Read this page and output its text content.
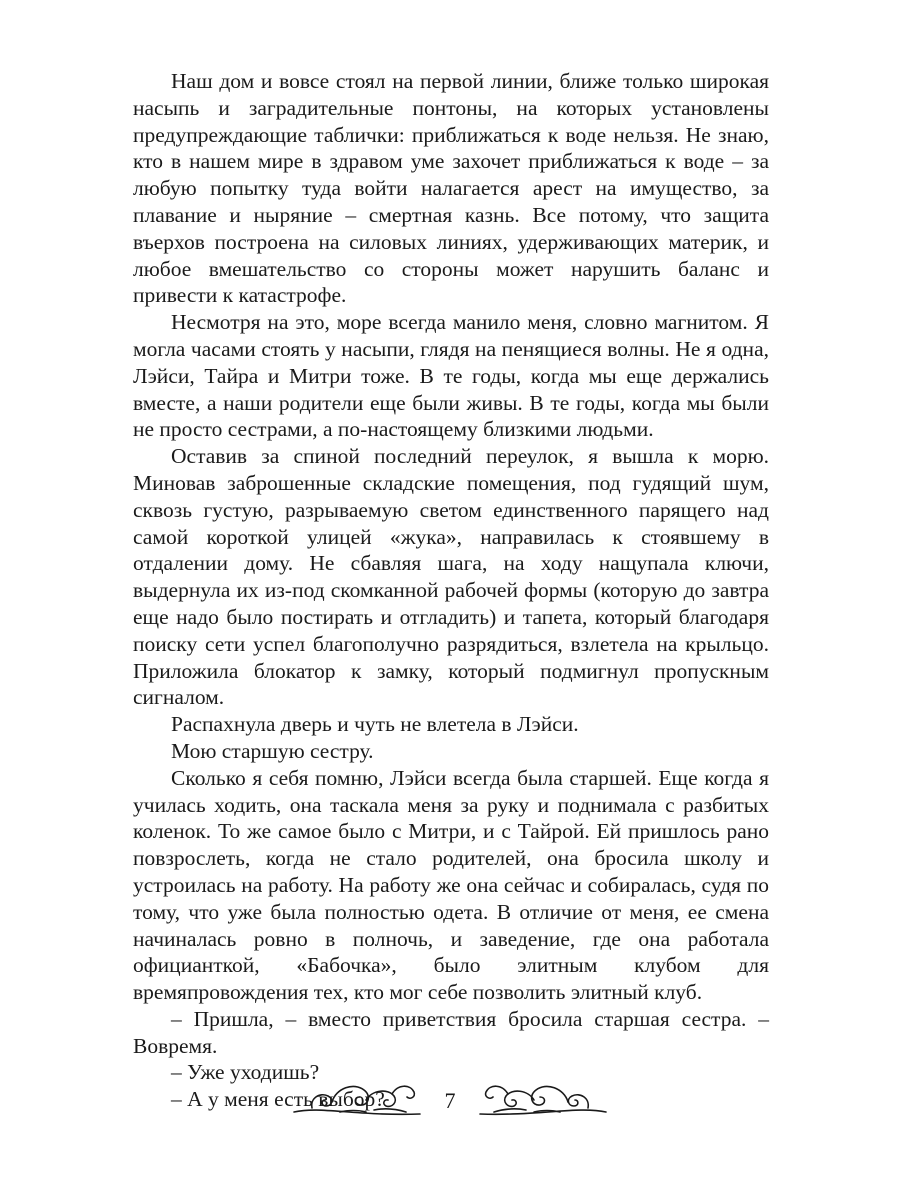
Наш дом и вовсе стоял на первой линии, ближе только широкая насыпь и заградительные понтоны, на которых установлены предупреждающие таблички: приближаться к воде нельзя. Не знаю, кто в нашем мире в здравом уме захочет приближаться к воде – за любую попытку туда войти налагается арест на имущество, за плавание и ныряние – смертная казнь. Все потому, что защита въерхов построена на силовых линиях, удерживающих материк, и любое вмешательство со стороны может нарушить баланс и привести к катастрофе.

Несмотря на это, море всегда манило меня, словно магнитом. Я могла часами стоять у насыпи, глядя на пенящиеся волны. Не я одна, Лэйси, Тайра и Митри тоже. В те годы, когда мы еще держались вместе, а наши родители еще были живы. В те годы, когда мы были не просто сестрами, а по-настоящему близкими людьми.

Оставив за спиной последний переулок, я вышла к морю. Миновав заброшенные складские помещения, под гудящий шум, сквозь густую, разрываемую светом единственного парящего над самой короткой улицей «жука», направилась к стоявшему в отдалении дому. Не сбавляя шага, на ходу нащупала ключи, выдернула их из-под скомканной рабочей формы (которую до завтра еще надо было постирать и отгладить) и тапета, который благодаря поиску сети успел благополучно разрядиться, взлетела на крыльцо. Приложила блокатор к замку, который подмигнул пропускным сигналом.

Распахнула дверь и чуть не влетела в Лэйси.

Мою старшую сестру.

Сколько я себя помню, Лэйси всегда была старшей. Еще когда я училась ходить, она таскала меня за руку и поднимала с разбитых коленок. То же самое было с Митри, и с Тайрой. Ей пришлось рано повзрослеть, когда не стало родителей, она бросила школу и устроилась на работу. На работу же она сейчас и собиралась, судя по тому, что уже была полностью одета. В отличие от меня, ее смена начиналась ровно в полночь, и заведение, где она работала официанткой, «Бабочка», было элитным клубом для времяпровождения тех, кто мог себе позволить элитный клуб.

– Пришла, – вместо приветствия бросила старшая сестра. – Вовремя.

– Уже уходишь?

– А у меня есть выбор?	7
